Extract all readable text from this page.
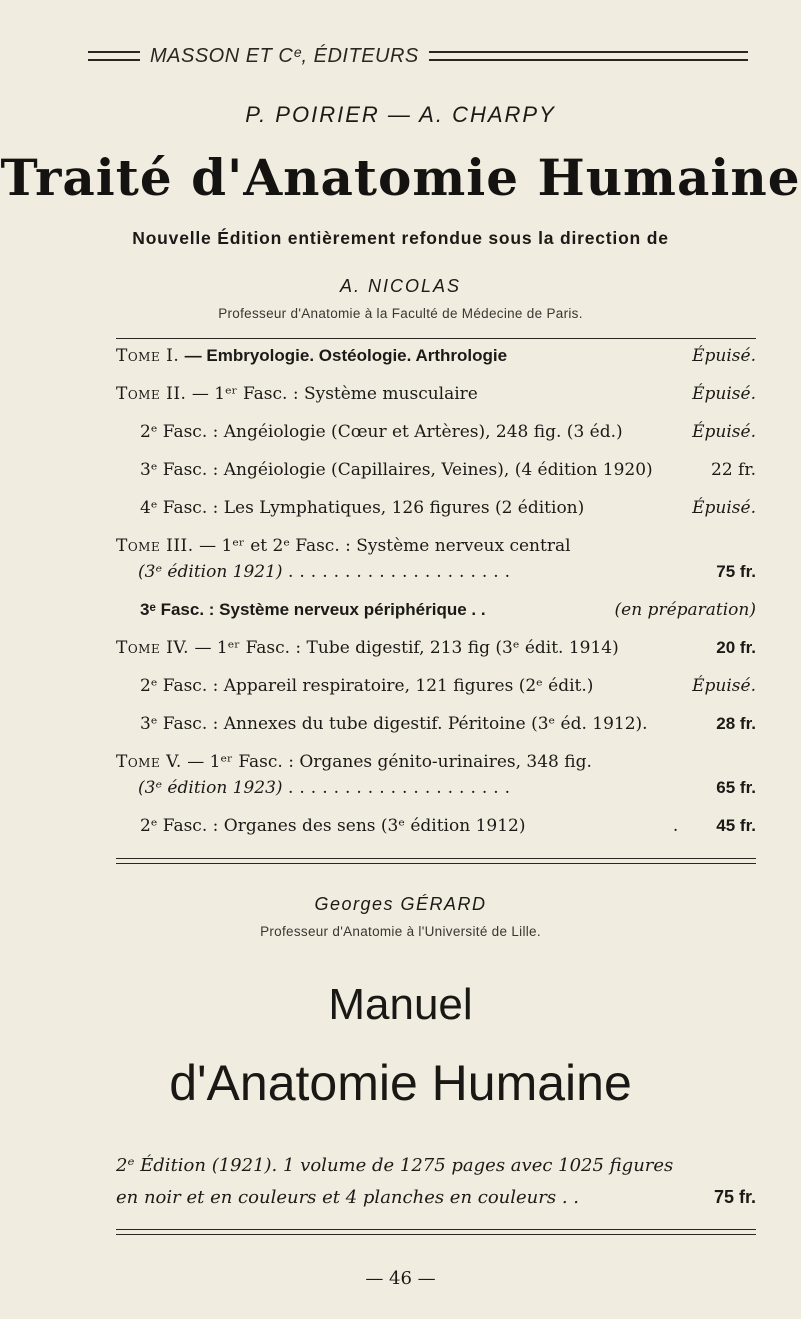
MASSON ET Cᵉ, ÉDITEURS
P. POIRIER — A. CHARPY
Traité d'Anatomie Humaine
Nouvelle Édition entièrement refondue sous la direction de
A. NICOLAS
Professeur d'Anatomie à la Faculté de Médecine de Paris.
Tome I. — Embryologie. Ostéologie. Arthrologie	Épuisé.
Tome II. — 1ᵉʳ Fasc. : Système musculaire	Épuisé.
2ᵉ Fasc. : Angéiologie (Cœur et Artères), 248 fig. (3 éd.)	Épuisé.
3ᵉ Fasc. : Angéiologie (Capillaires, Veines), (4 édition 1920)	22 fr.
4ᵉ Fasc. : Les Lymphatiques, 126 figures (2 édition)	Épuisé.
Tome III. — 1ᵉʳ et 2ᵉ Fasc. : Système nerveux central
(3ᵉ édition 1921) ....................	75 fr.
3ᵉ Fasc. : Système nerveux périphérique . .	(en préparation)
Tome IV. — 1ᵉʳ Fasc. : Tube digestif, 213 fig (3ᵉ édit. 1914)	20 fr.
2ᵉ Fasc. : Appareil respiratoire, 121 figures (2ᵉ édit.)	Épuisé.
3ᵉ Fasc. : Annexes du tube digestif. Péritoine (3ᵉ éd. 1912).	28 fr.
Tome V. — 1ᵉʳ Fasc. : Organes génito-urinaires, 348 fig.
(3ᵉ édition 1923) ....................	65 fr.
2ᵉ Fasc. : Organes des sens (3ᵉ édition 1912)	. 45 fr.
Georges GÉRARD
Professeur d'Anatomie à l'Université de Lille.
Manuel
d'Anatomie Humaine
2ᵉ Édition (1921). 1 volume de 1275 pages avec 1025 figures
en noir et en couleurs et 4 planches en couleurs . .	75 fr.
— 46 —
